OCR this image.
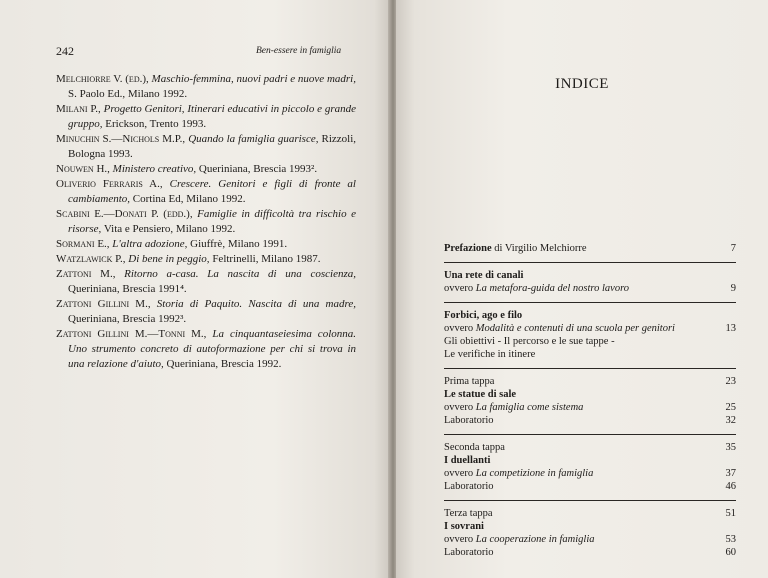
242	Ben-essere in famiglia

Melchiorre V. (ed.), Maschio-femmina, nuovi padri e nuove madri, S. Paolo Ed., Milano 1992.

Milani P., Progetto Genitori, Itinerari educativi in piccolo e grande gruppo, Erickson, Trento 1993.

Minuchin S.—Nichols M.P., Quando la famiglia guarisce, Rizzoli, Bologna 1993.

Nouwen H., Ministero creativo, Queriniana, Brescia 1993².

Oliverio Ferraris A., Crescere. Genitori e figli di fronte al cambiamento, Cortina Ed, Milano 1992.

Scabini E.—Donati P. (edd.), Famiglie in difficoltà tra rischio e risorse, Vita e Pensiero, Milano 1992.

Sormani E., L'altra adozione, Giuffrè, Milano 1991.

Watzlawick P., Di bene in peggio, Feltrinelli, Milano 1987.

Zattoni M., Ritorno a-casa. La nascita di una coscienza, Queriniana, Brescia 1991⁴.

Zattoni Gillini M., Storia di Paquito. Nascita di una madre, Queriniana, Brescia 1992³.

Zattoni Gillini M.—Tonni M., La cinquantaseiesima colonna. Uno strumento concreto di autoformazione per chi si trova in una relazione d'aiuto, Queriniana, Brescia 1992.

INDICE
Prefazione di Virgilio Melchiorre	7
Una rete di canali
ovvero La metafora-guida del nostro lavoro	9
Forbici, ago e filo
ovvero Modalità e contenuti di una scuola per genitori	13
Gli obiettivi - Il percorso e le sue tappe -
Le verifiche in itinere
Prima tappa	23
Le statue di sale
ovvero La famiglia come sistema	25
Laboratorio	32
Seconda tappa	35
I duellanti
ovvero La competizione in famiglia	37
Laboratorio	46
Terza tappa	51
I sovrani
ovvero La cooperazione in famiglia	53
Laboratorio	60
